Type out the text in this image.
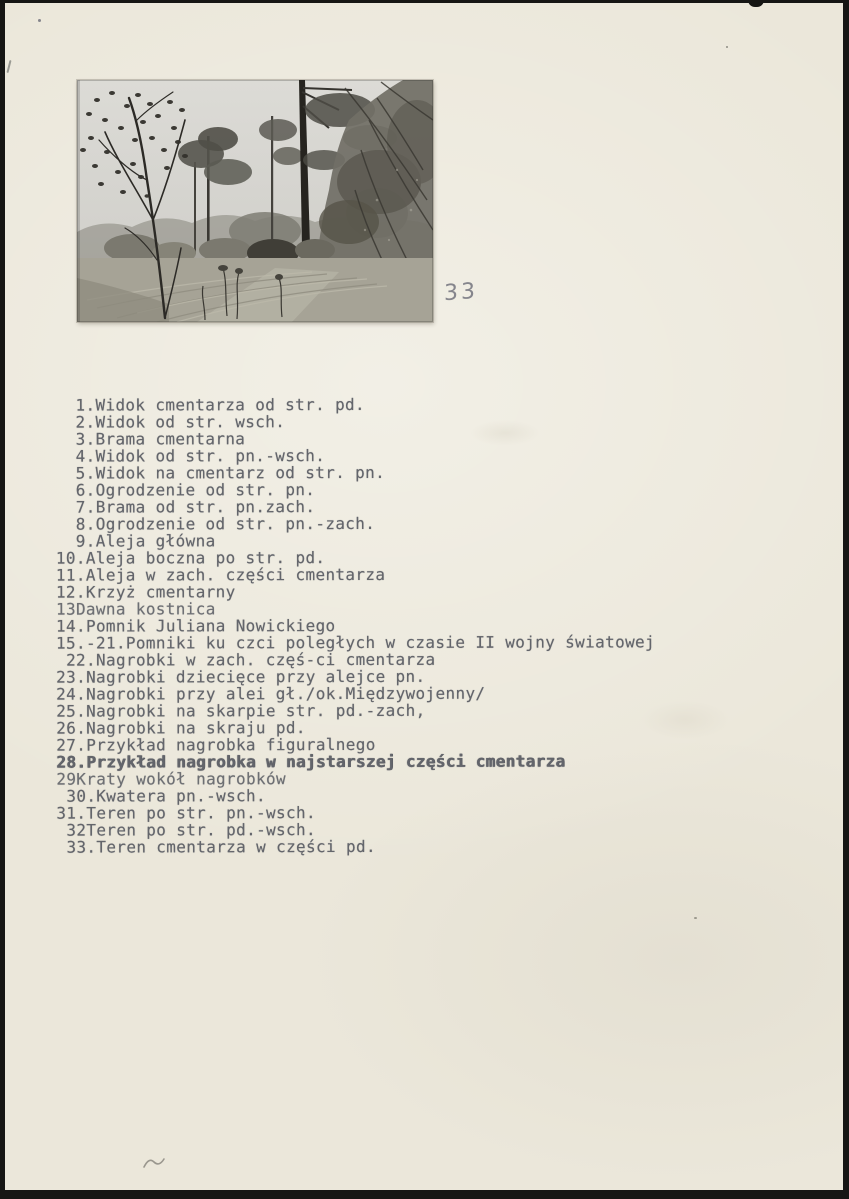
33
1.Widok cmentarza od str. pd.
2.Widok od str. wsch.
3.Brama cmentarna
4.Widok od str. pn.-wsch.
5.Widok na cmentarz od str. pn.
6.Ogrodzenie od str. pn.
7.Brama od str. pn.zach.
8.Ogrodzenie od str. pn.-zach.
9.Aleja główna
10.Aleja boczna po str. pd.
11.Aleja w zach. części cmentarza
12.Krzyż cmentarny
13Dawna kostnica
14.Pomnik Juliana Nowickiego
15.-21.Pomniki ku czci poległych w czasie II wojny światowej
22.Nagrobki w zach. częś-ci cmentarza
23.Nagrobki dziecięce przy alejce pn.
24.Nagrobki przy alei gł./ok.Międzywojenny/
25.Nagrobki na skarpie str. pd.-zach,
26.Nagrobki na skraju pd.
27.Przykład nagrobka figuralnego
28.Przykład nagrobka w najstarszej części cmentarza
29Kraty wokół nagrobków
30.Kwatera pn.-wsch.
31.Teren po str. pn.-wsch.
32Teren po str. pd.-wsch.
33.Teren cmentarza w części pd.
